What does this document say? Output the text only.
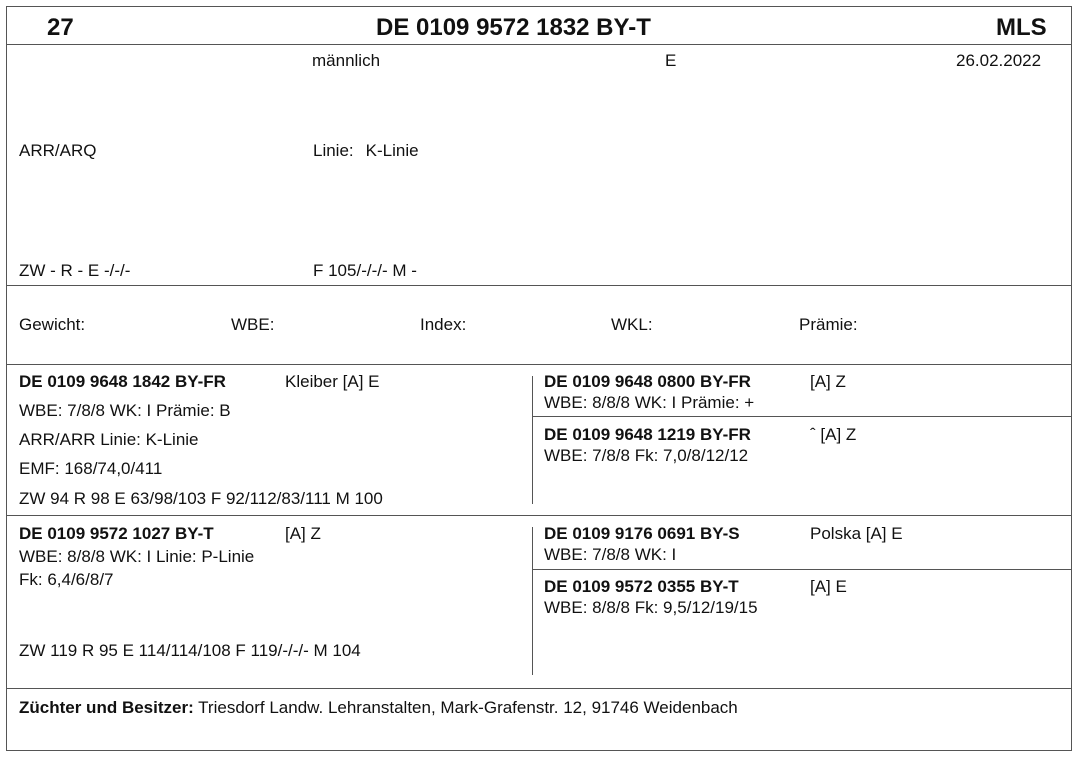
27	DE 0109 9572 1832 BY-T	MLS
männlich	E	26.02.2022
ARR/ARQ	Linie: K-Linie
ZW - R - E -/-/-	F 105/-/-/- M -
Gewicht:	WBE:	Index:	WKL:	Prämie:
DE 0109 9648 1842 BY-FR	Kleiber [A] E
WBE: 7/8/8 WK: I Prämie: B
ARR/ARR Linie: K-Linie
EMF: 168/74,0/411
ZW 94 R 98 E 63/98/103 F 92/112/83/111 M 100
DE 0109 9648 0800 BY-FR	[A] Z
WBE: 8/8/8 WK: I Prämie: +
DE 0109 9648 1219 BY-FR	ˆ [A] Z
WBE: 7/8/8 Fk: 7,0/8/12/12
DE 0109 9572 1027 BY-T	[A] Z
WBE: 8/8/8 WK: I Linie: P-Linie
Fk: 6,4/6/8/7
ZW 119 R 95 E 114/114/108 F 119/-/-/- M 104
DE 0109 9176 0691 BY-S	Polska [A] E
WBE: 7/8/8 WK: I
DE 0109 9572 0355 BY-T	[A] E
WBE: 8/8/8 Fk: 9,5/12/19/15
Züchter und Besitzer: Triesdorf Landw. Lehranstalten, Mark-Grafenstr. 12, 91746 Weidenbach
